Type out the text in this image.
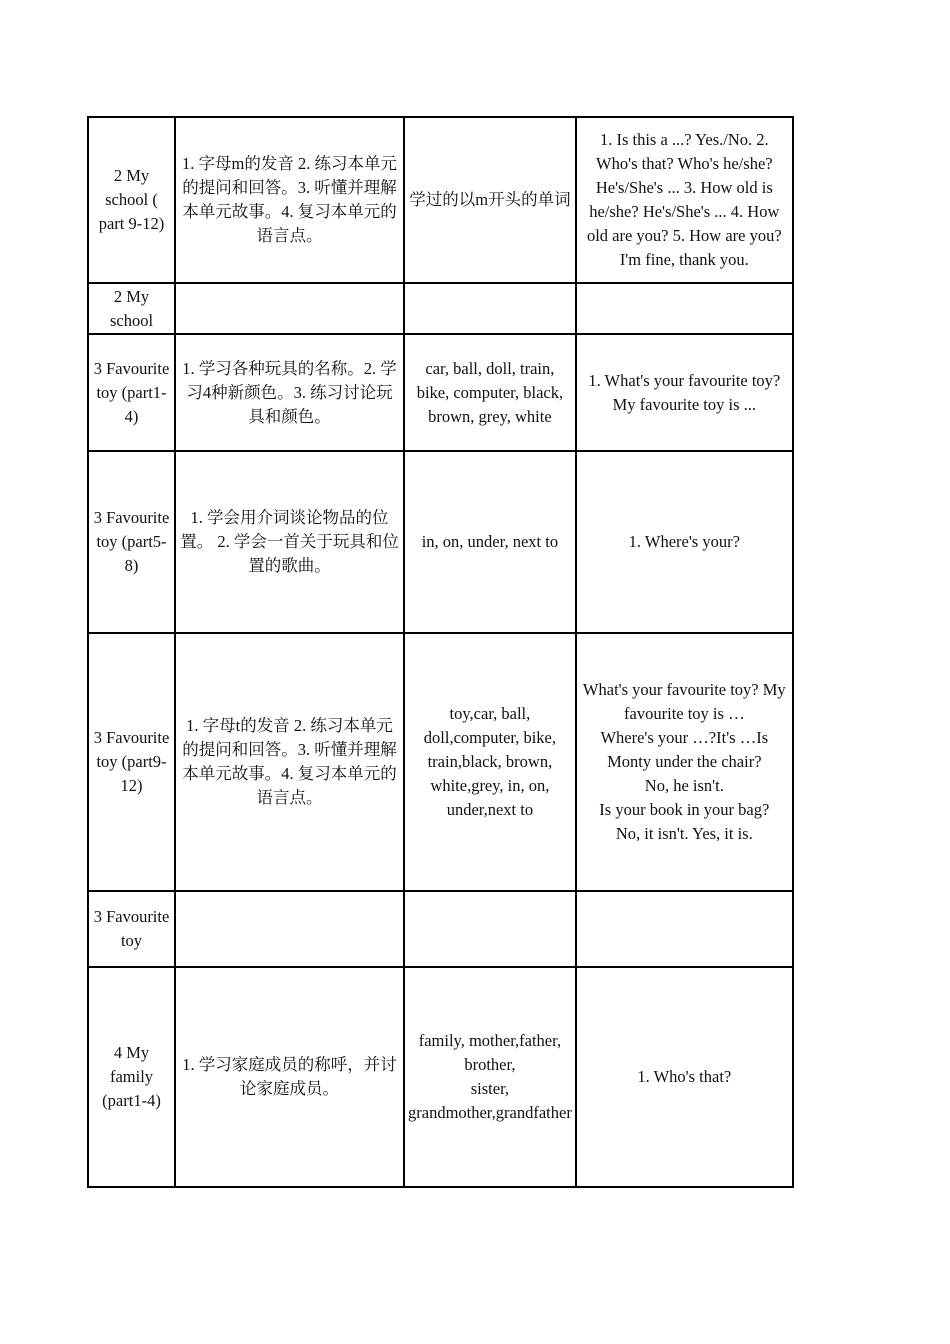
2 My school ( part 9-12)	1. 字母m的发音 2. 练习本单元的提问和回答。3. 听懂并理解本单元故事。4. 复习本单元的语言点。	学过的以m开头的单词	1. Is this a ...? Yes./No. 2. Who's that? Who's he/she? He's/She's ... 3. How old is he/she? He's/She's ... 4. How old are you? 5. How are you? I'm fine, thank you.

2 My school			

3 Favourite toy (part1-4)	1. 学习各种玩具的名称。2. 学习4种新颜色。3. 练习讨论玩具和颜色。	car, ball, doll, train, bike, computer, black, brown, grey, white	1. What's your favourite toy? My favourite toy is ...

3 Favourite toy (part5-8)	1. 学会用介词谈论物品的位置。 2. 学会一首关于玩具和位置的歌曲。	in, on, under, next to	1. Where's your?

3 Favourite toy (part9-12)	1. 字母t的发音 2. 练习本单元的提问和回答。3. 听懂并理解本单元故事。4. 复习本单元的语言点。	toy,car, ball, doll,computer, bike, train,black, brown, white,grey, in, on, under,next to	What's your favourite toy? My favourite toy is …
Where's your …?It's …Is Monty under the chair?
No, he isn't.
Is your book in your bag?
No, it isn't. Yes, it is.

3 Favourite toy			

4 My family (part1-4)	1. 学习家庭成员的称呼，并讨论家庭成员。	family, mother,father, brother,
sister, grandmother,grandfather	1. Who's that?
